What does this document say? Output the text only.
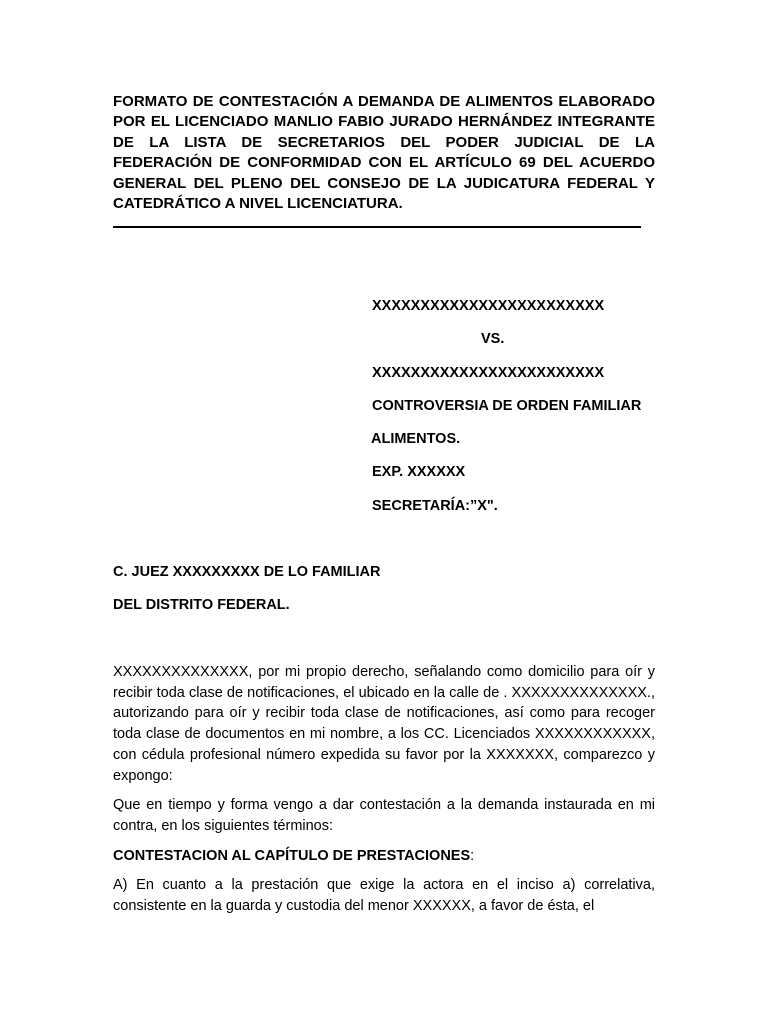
FORMATO DE CONTESTACIÓN A DEMANDA DE ALIMENTOS ELABORADO POR EL LICENCIADO MANLIO FABIO JURADO HERNÁNDEZ INTEGRANTE DE LA LISTA DE SECRETARIOS DEL PODER JUDICIAL DE LA FEDERACIÓN DE CONFORMIDAD CON EL ARTÍCULO 69 DEL ACUERDO GENERAL DEL PLENO DEL CONSEJO DE LA JUDICATURA FEDERAL Y CATEDRÁTICO A NIVEL LICENCIATURA.

XXXXXXXXXXXXXXXXXXXXXXXX
VS.
XXXXXXXXXXXXXXXXXXXXXXXX
CONTROVERSIA DE ORDEN FAMILIAR
ALIMENTOS.
EXP. XXXXXX
SECRETARÍA:”X".
C. JUEZ XXXXXXXXX DE LO FAMILIAR
DEL DISTRITO FEDERAL.

XXXXXXXXXXXXXX, por mi propio derecho, señalando como domicilio para oír y recibir toda clase de notificaciones, el ubicado en la calle de . XXXXXXXXXXXXXX., autorizando para oír y recibir toda clase de notificaciones, así como para recoger toda clase de documentos en mi nombre, a los CC. Licenciados XXXXXXXXXXXX, con cédula profesional número expedida su favor por la XXXXXXX, comparezco y expongo:

Que en tiempo y forma vengo a dar contestación a la demanda instaurada en mi contra, en los siguientes términos:

CONTESTACION AL CAPÍTULO DE PRESTACIONES:

A) En cuanto a la prestación que exige la actora en el inciso a) correlativa, consistente en la guarda y custodia del menor XXXXXX, a favor de ésta, el
